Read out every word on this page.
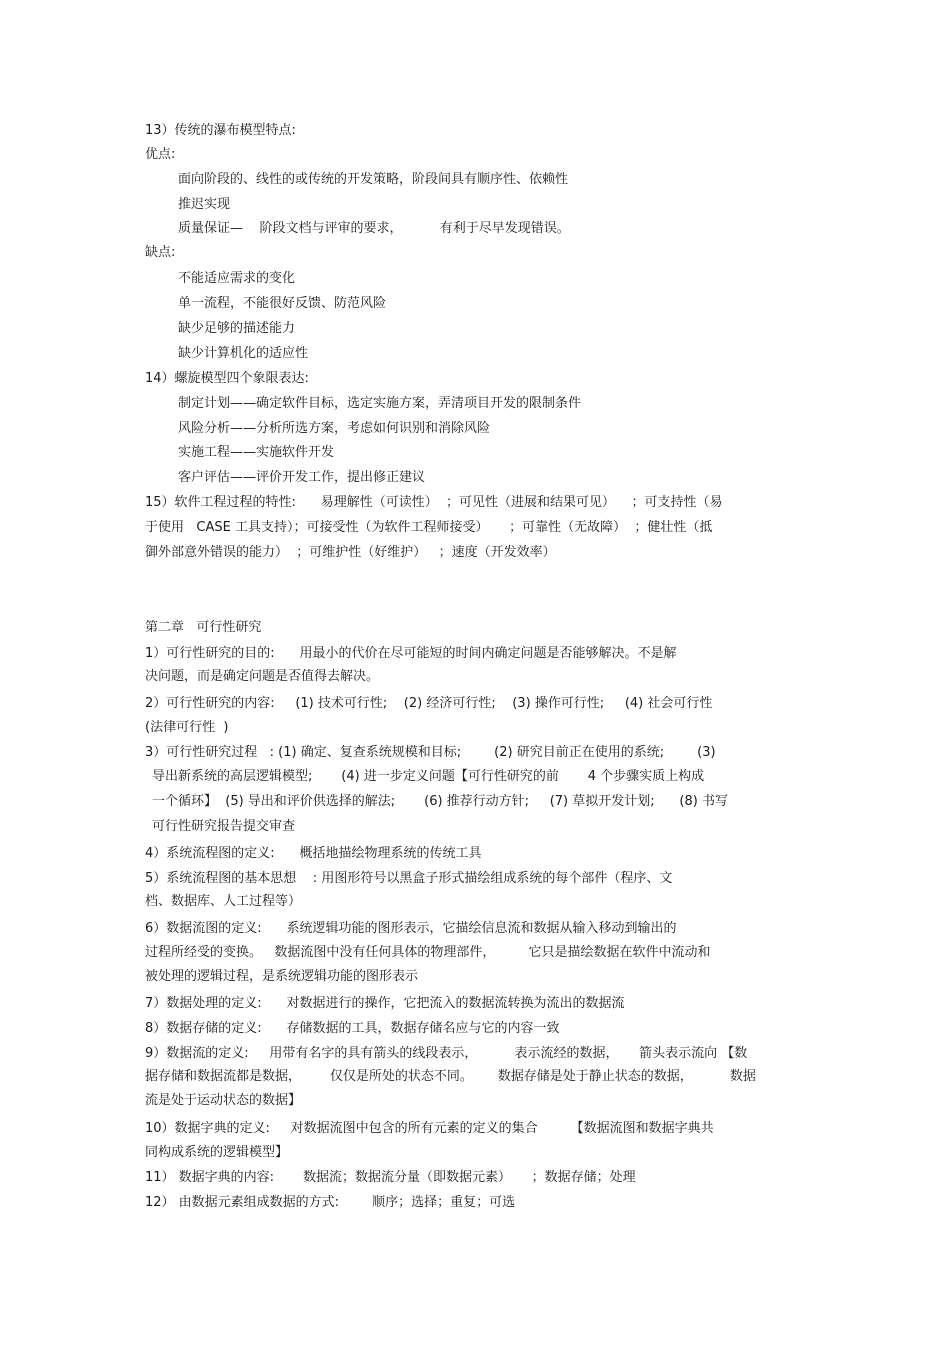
13）传统的瀑布模型特点:
优点:
面向阶段的、线性的或传统的开发策略，阶段间具有顺序性、依赖性
推迟实现
质量保证—    阶段文档与评审的要求，         有利于尽早发现错误。
缺点:
不能适应需求的变化
单一流程，不能很好反馈、防范风险
缺少足够的描述能力
缺少计算机化的适应性
14）螺旋模型四个象限表达:
制定计划——确定软件目标，选定实施方案，弄清项目开发的限制条件
风险分析——分析所选方案，考虑如何识别和消除风险
实施工程——实施软件开发
客户评估——评价开发工作，提出修正建议
15）软件工程过程的特性:      易理解性（可读性）  ；可见性（进展和结果可见）    ；可支持性（易
于使用   CASE 工具支持）；可接受性（为软件工程师接受）     ；可靠性（无故障）  ；健壮性（抵
御外部意外错误的能力）  ；可维护性（好维护）   ；速度（开发效率）
第二章   可行性研究
1）可行性研究的目的:      用最小的代价在尽可能短的时间内确定问题是否能够解决。不是解
决问题，而是确定问题是否值得去解决。
2）可行性研究的内容:     (1) 技术可行性;    (2) 经济可行性;    (3) 操作可行性;     (4) 社会可行性
(法律可行性  )
3）可行性研究过程   : (1) 确定、复查系统规模和目标;        (2) 研究目前正在使用的系统;        (3)
导出新系统的高层逻辑模型;       (4) 进一步定义问题【可行性研究的前       4 个步骤实质上构成
一个循环】  (5) 导出和评价供选择的解法;       (6) 推荐行动方针;     (7) 草拟开发计划;      (8) 书写
可行性研究报告提交审查
4）系统流程图的定义:      概括地描绘物理系统的传统工具
5）系统流程图的基本思想    : 用图形符号以黑盒子形式描绘组成系统的每个部件（程序、文
档、数据库、人工过程等）
6）数据流图的定义:      系统逻辑功能的图形表示，它描绘信息流和数据从输入移动到输出的
过程所经受的变换。   数据流图中没有任何具体的物理部件，        它只是描绘数据在软件中流动和
被处理的逻辑过程，是系统逻辑功能的图形表示
7）数据处理的定义:      对数据进行的操作，它把流入的数据流转换为流出的数据流
8）数据存储的定义:      存储数据的工具，数据存储名应与它的内容一致
9）数据流的定义:     用带有名字的具有箭头的线段表示，         表示流经的数据，     箭头表示流向 【数
据存储和数据流都是数据，       仅仅是所处的状态不同。      数据存储是处于静止状态的数据，         数据
流是处于运动状态的数据】
10）数据字典的定义:     对数据流图中包含的所有元素的定义的集合        【数据流图和数据字典共
同构成系统的逻辑模型】
11） 数据字典的内容:       数据流；数据流分量（即数据元素）     ；数据存储；处理
12） 由数据元素组成数据的方式:        顺序；选择；重复；可选
